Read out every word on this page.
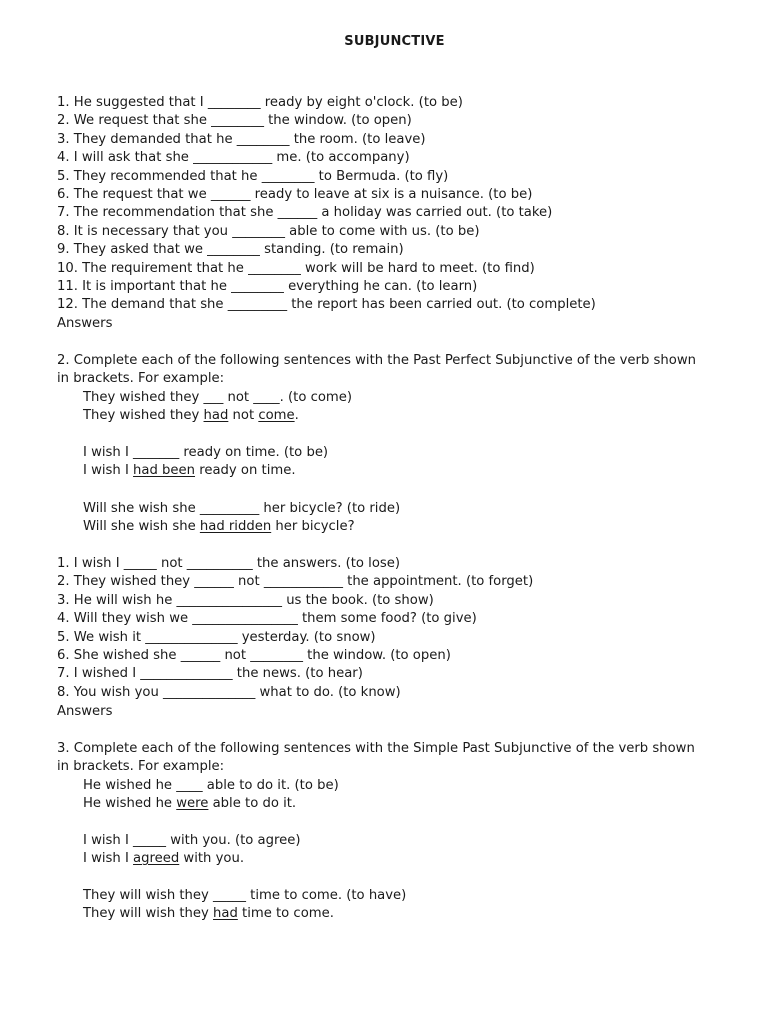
SUBJUNCTIVE
1. He suggested that I ________ ready by eight o'clock. (to be)
2. We request that she ________ the window. (to open)
3. They demanded that he ________ the room. (to leave)
4. I will ask that she ____________ me. (to accompany)
5. They recommended that he ________ to Bermuda. (to fly)
6. The request that we ______ ready to leave at six is a nuisance. (to be)
7. The recommendation that she ______ a holiday was carried out. (to take)
8. It is necessary that you ________ able to come with us. (to be)
9. They asked that we ________ standing. (to remain)
10. The requirement that he ________ work will be hard to meet. (to find)
11. It is important that he ________ everything he can. (to learn)
12. The demand that she _________ the report has been carried out. (to complete)
Answers
2. Complete each of the following sentences with the Past Perfect Subjunctive of the verb shown
in brackets. For example:
They wished they ___ not ____. (to come)
They wished they had not come.
I wish I _______ ready on time. (to be)
I wish I had been ready on time.
Will she wish she _________ her bicycle? (to ride)
Will she wish she had ridden her bicycle?
1. I wish I _____ not __________ the answers. (to lose)
2. They wished they ______ not ____________ the appointment. (to forget)
3. He will wish he ________________ us the book. (to show)
4. Will they wish we ________________ them some food? (to give)
5. We wish it ______________ yesterday. (to snow)
6. She wished she ______ not ________ the window. (to open)
7. I wished I ______________ the news. (to hear)
8. You wish you ______________ what to do. (to know)
Answers
3. Complete each of the following sentences with the Simple Past Subjunctive of the verb shown
in brackets. For example:
He wished he ____ able to do it. (to be)
He wished he were able to do it.
I wish I _____ with you. (to agree)
I wish I agreed with you.
They will wish they _____ time to come. (to have)
They will wish they had time to come.
